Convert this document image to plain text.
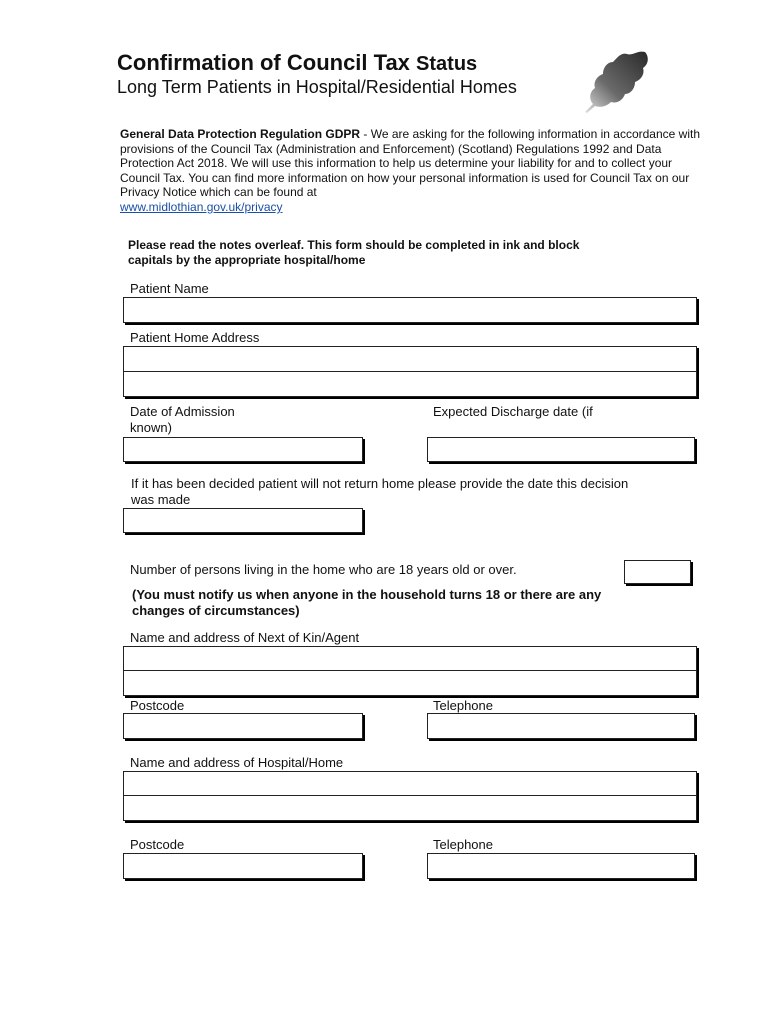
Confirmation of Council Tax Status
Long Term Patients in Hospital/Residential Homes
General Data Protection Regulation GDPR - We are asking for the following information in accordance with provisions of the Council Tax (Administration and Enforcement) (Scotland) Regulations 1992 and Data Protection Act 2018. We will use this information to help us determine your liability for and to collect your Council Tax. You can find more information on how your personal information is used for Council Tax on our Privacy Notice which can be found at
www.midlothian.gov.uk/privacy
Please read the notes overleaf. This form should be completed in ink and block capitals by the appropriate hospital/home
Patient Name
Patient Home Address
Date of Admission
known)
Expected Discharge date (if
If it has been decided patient will not return home please provide the date this decision was made
Number of persons living in the home who are 18 years old or over.
(You must notify us when anyone in the household turns 18 or there are any changes of circumstances)
Name and address of Next of Kin/Agent
Postcode	Telephone
Name and address of Hospital/Home
Postcode	Telephone
